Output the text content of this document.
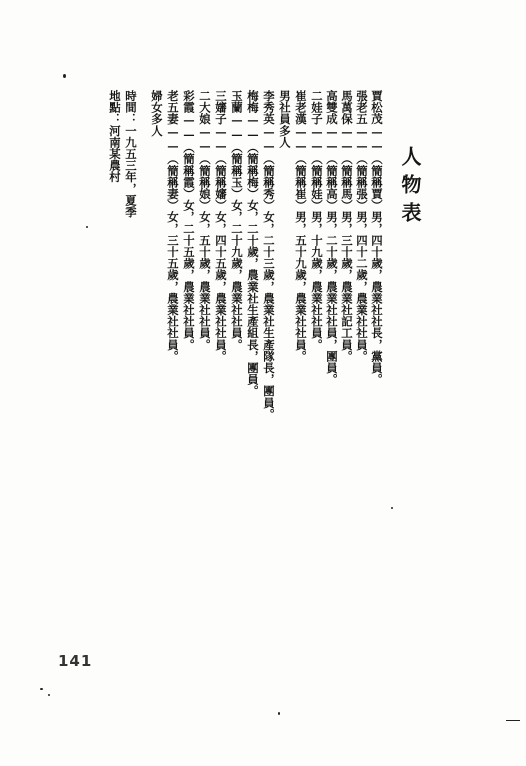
人物表
賈松茂——（簡稱賈）男，四十歲，農業社社長，黨員。
張老五——（簡稱張）男，四十二歲，農業社社員。
馬萬保——（簡稱馬）男，三十歲，農業社記工員。
高雙成——（簡稱高）男，二十歲，農業社社員，團員。
二娃子——（簡稱娃）男，十九歲，農業社社員。
崔老漢——（簡稱崔）男，五十九歲，農業社社員。
男社員多人
李秀英——（簡稱秀）女，二十三歲，農業社生產隊長，團員。
梅梅——（簡稱梅）女，二十歲，農業社生產組長，團員。
玉蘭——（簡稱玉）女，二十九歲，農業社社員。
三嬸子——（簡稱嬸）女，四十五歲，農業社社員。
二大娘——（簡稱娘）女，五十歲，農業社社員。
彩霞——（簡稱霞）女，二十五歲，農業社社員。
老五妻——（簡稱妻）女，三十五歲，農業社社員。
婦女多人
時間：一九五三年，夏季
地點：河南某農村
141
